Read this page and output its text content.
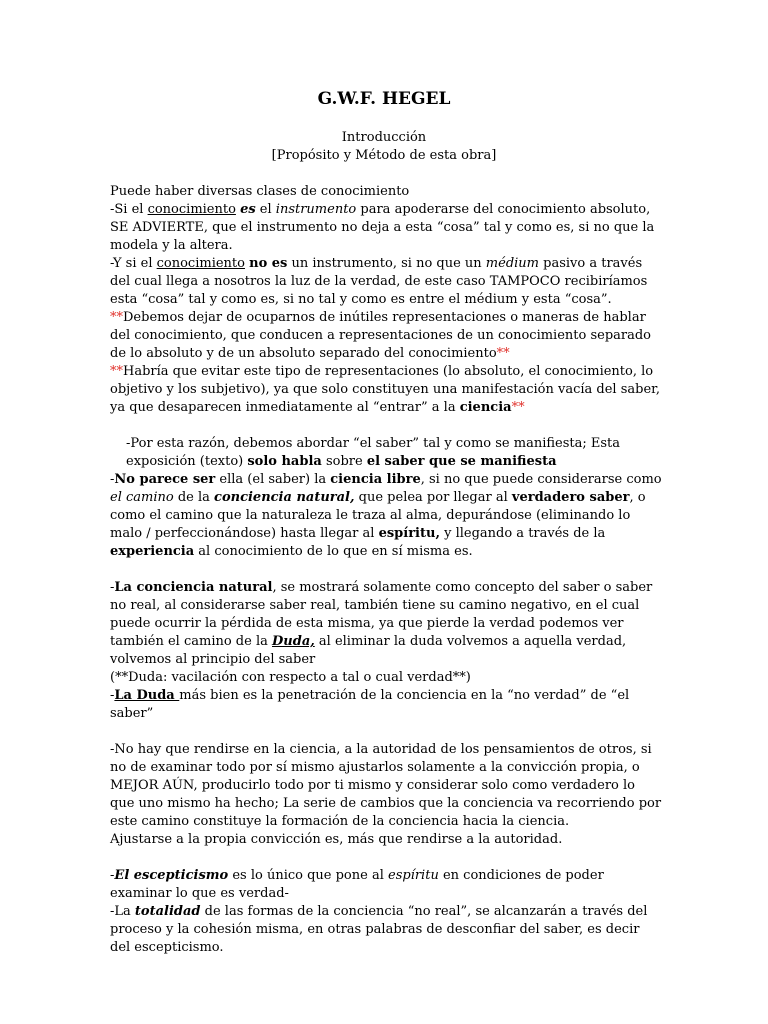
G.W.F. HEGEL
Introducción
[Propósito y Método de esta obra]

Puede haber diversas clases de conocimiento

-Si el conocimiento es el instrumento para apoderarse del conocimiento absoluto, SE ADVIERTE, que el instrumento no deja a esta “cosa” tal y como es, si no que la modela y la altera.

-Y si el conocimiento no es un instrumento, si no que un médium pasivo a través del cual llega a nosotros la luz de la verdad, de este caso TAMPOCO recibiríamos esta “cosa” tal y como es, si no tal y como es entre el médium y esta “cosa”.

**Debemos dejar de ocuparnos de inútiles representaciones o maneras de hablar del conocimiento, que conducen a representaciones de un conocimiento separado de lo absoluto y de un absoluto separado del conocimiento**

**Habría que evitar este tipo de representaciones (lo absoluto, el conocimiento, lo objetivo y los subjetivo), ya que solo constituyen una manifestación vacía del saber, ya que desaparecen inmediatamente al “entrar” a la ciencia**

-Por esta razón, debemos abordar “el saber” tal y como se manifiesta; Esta exposición (texto) solo habla sobre el saber que se manifiesta

-No parece ser ella (el saber) la ciencia libre, si no que puede considerarse como el camino de la conciencia natural, que pelea por llegar al verdadero saber, o como el camino que la naturaleza le traza al alma, depurándose (eliminando lo malo / perfeccionándose) hasta llegar al espíritu, y llegando a través de la experiencia al conocimiento de lo que en sí misma es.

-La conciencia natural, se mostrará solamente como concepto del saber o saber no real, al considerarse saber real, también tiene su camino negativo, en el cual puede ocurrir la pérdida de esta misma, ya que pierde la verdad podemos ver también el camino de la Duda, al eliminar la duda volvemos a aquella verdad, volvemos al principio del saber

(**Duda: vacilación con respecto a tal o cual verdad**)

-La Duda más bien es la penetración de la conciencia en la “no verdad” de “el saber”

-No hay que rendirse en la ciencia, a la autoridad de los pensamientos de otros, si no de examinar todo por sí mismo ajustarlos solamente a la convicción propia, o MEJOR AÚN, producirlo todo por ti mismo y considerar solo como verdadero lo que uno mismo ha hecho; La serie de cambios que la conciencia va recorriendo por este camino constituye la formación de la conciencia hacia la ciencia.

Ajustarse a la propia convicción es, más que rendirse a la autoridad.

-El escepticismo es lo único que pone al espíritu en condiciones de poder examinar lo que es verdad-

-La totalidad de las formas de la conciencia “no real”, se alcanzarán a través del proceso y la cohesión misma, en otras palabras de desconfiar del saber, es decir del escepticismo.
